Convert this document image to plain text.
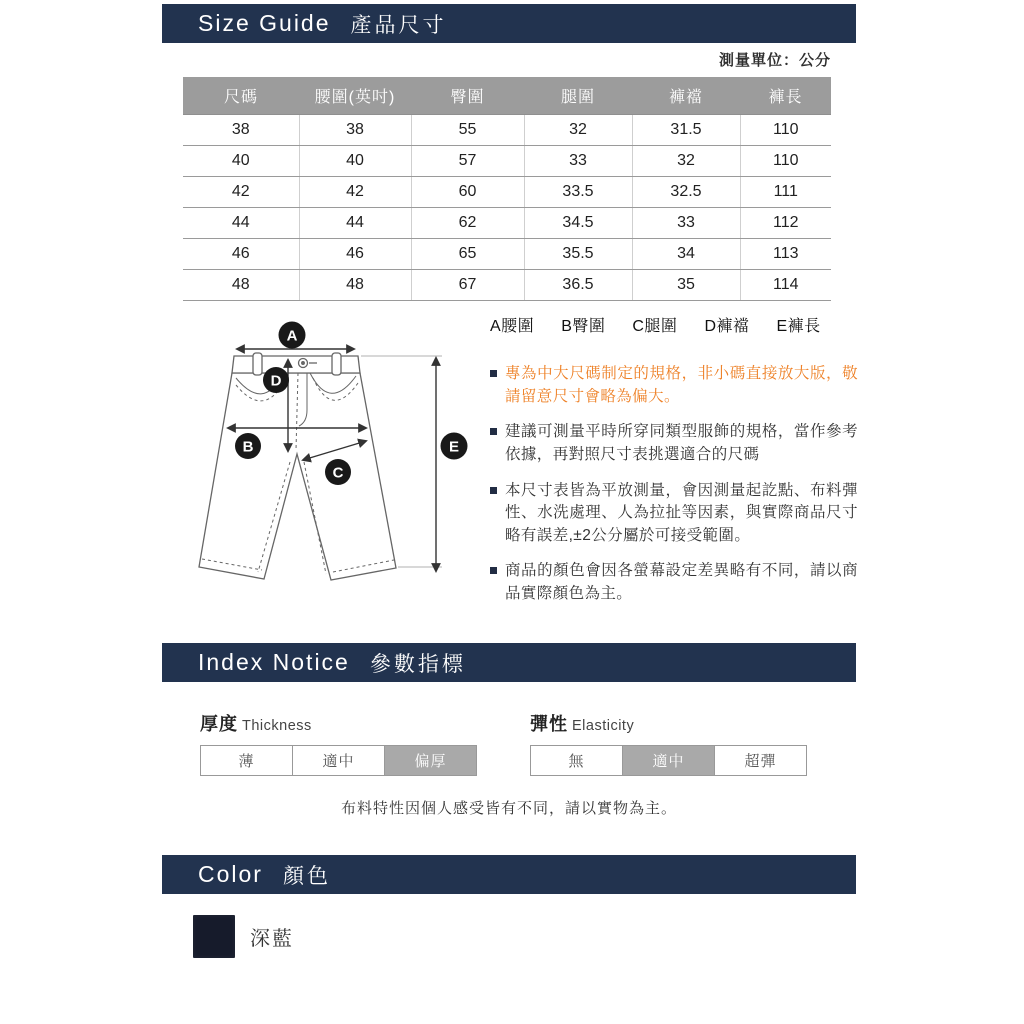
Size Guide 產品尺寸
測量單位：公分
尺碼	腰圍(英吋)	臀圍	腿圍	褲襠	褲長
38	38	55	32	31.5	110
40	40	57	33	32	110
42	42	60	33.5	32.5	111
44	44	62	34.5	33	112
46	46	65	35.5	34	113
48	48	67	36.5	35	114
A
D
B
C
E
A腰圍 B臀圍 C腿圍 D褲襠 E褲長
專為中大尺碼制定的規格，非小碼直接放大版，敬請留意尺寸會略為偏大。
建議可測量平時所穿同類型服飾的規格，當作參考依據，再對照尺寸表挑選適合的尺碼
本尺寸表皆為平放測量，會因測量起訖點、布料彈性、水洗處理、人為拉扯等因素，與實際商品尺寸略有誤差,±2公分屬於可接受範圍。
商品的顏色會因各螢幕設定差異略有不同，請以商品實際顏色為主。
Index Notice 參數指標
厚度 Thickness
薄	適中	偏厚
彈性 Elasticity
無	適中	超彈
布料特性因個人感受皆有不同，請以實物為主。
Color 顏色
深藍
